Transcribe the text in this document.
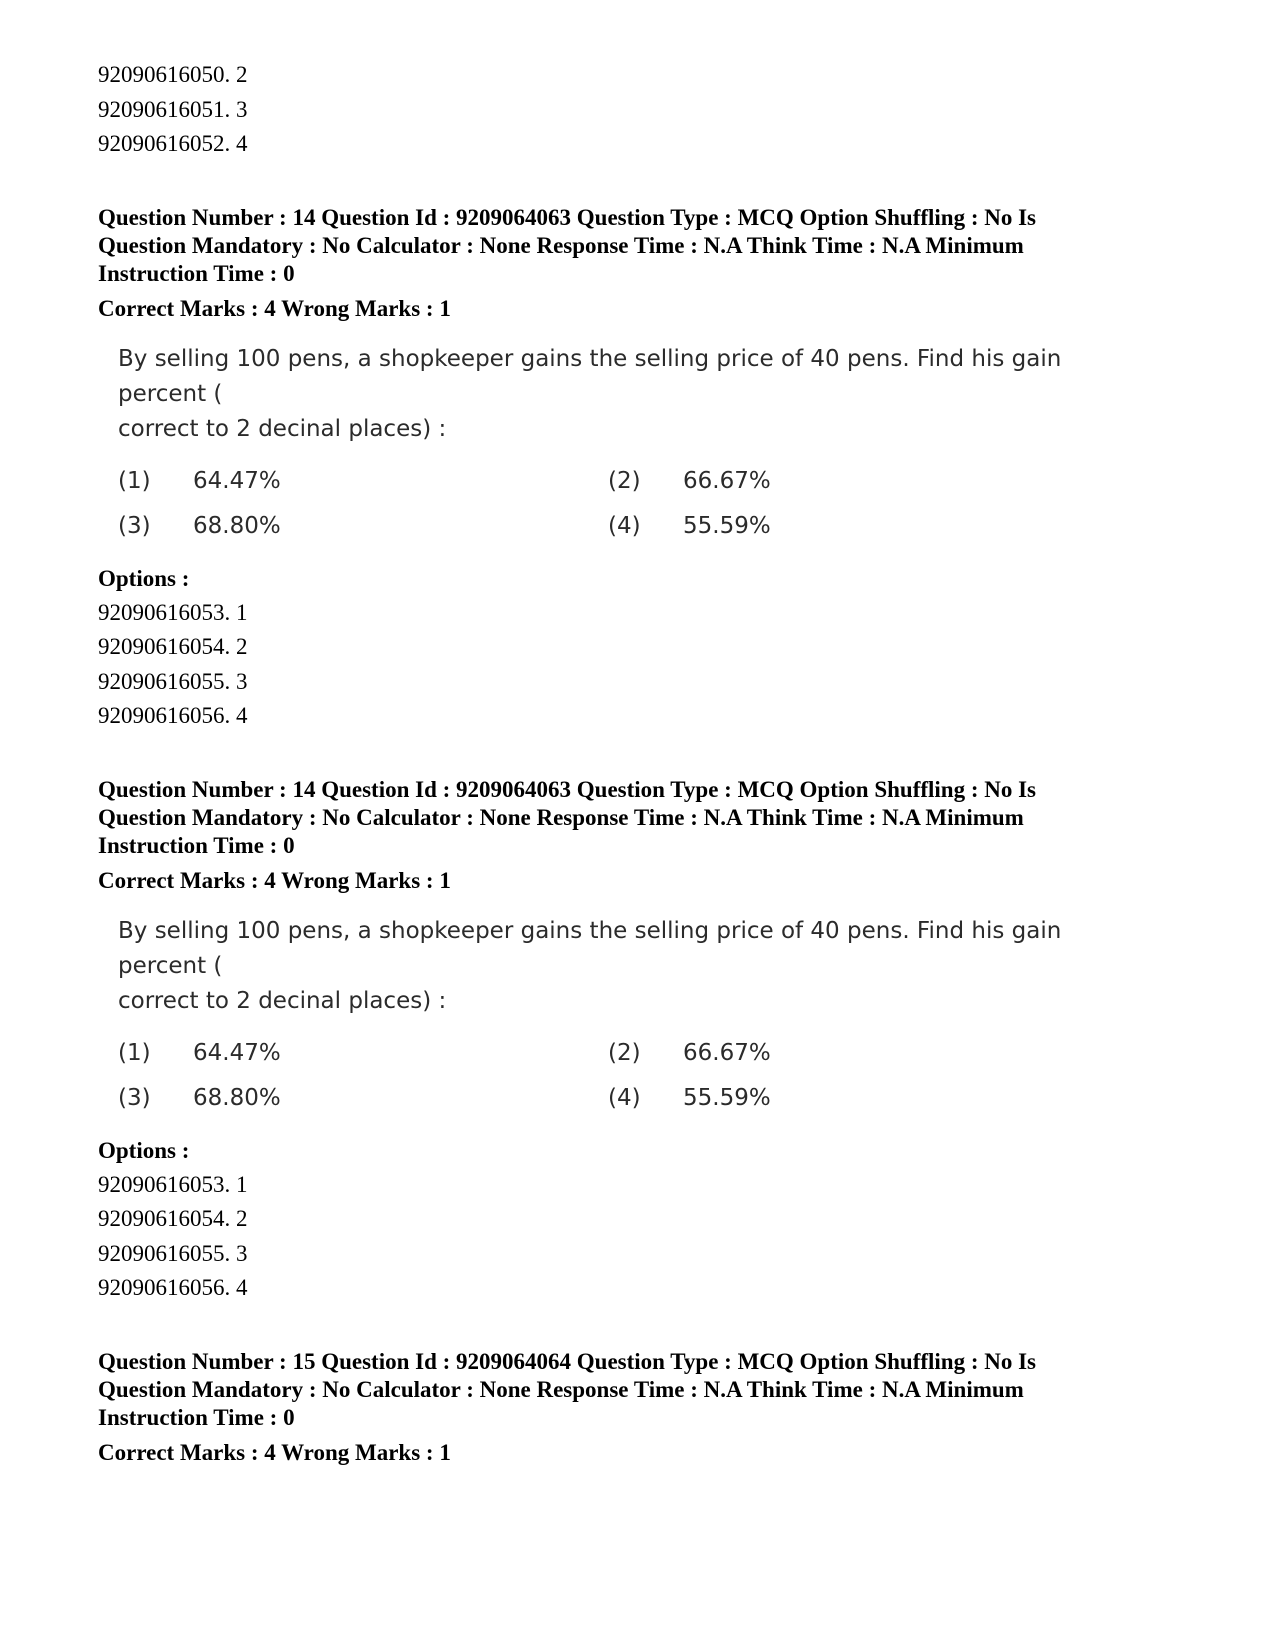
92090616050. 2
92090616051. 3
92090616052. 4
Question Number : 14 Question Id : 9209064063 Question Type : MCQ Option Shuffling : No Is
Question Mandatory : No Calculator : None Response Time : N.A Think Time : N.A Minimum
Instruction Time : 0
Correct Marks : 4 Wrong Marks : 1
By selling 100 pens, a shopkeeper gains the selling price of 40 pens. Find his gain percent (
correct to 2 decinal places) :
(1)	64.47%	(2)	66.67%
(3)	68.80%	(4)	55.59%
Options :
92090616053. 1
92090616054. 2
92090616055. 3
92090616056. 4
Question Number : 14 Question Id : 9209064063 Question Type : MCQ Option Shuffling : No Is
Question Mandatory : No Calculator : None Response Time : N.A Think Time : N.A Minimum
Instruction Time : 0
Correct Marks : 4 Wrong Marks : 1
By selling 100 pens, a shopkeeper gains the selling price of 40 pens. Find his gain percent (
correct to 2 decinal places) :
(1)	64.47%	(2)	66.67%
(3)	68.80%	(4)	55.59%
Options :
92090616053. 1
92090616054. 2
92090616055. 3
92090616056. 4
Question Number : 15 Question Id : 9209064064 Question Type : MCQ Option Shuffling : No Is
Question Mandatory : No Calculator : None Response Time : N.A Think Time : N.A Minimum
Instruction Time : 0
Correct Marks : 4 Wrong Marks : 1
